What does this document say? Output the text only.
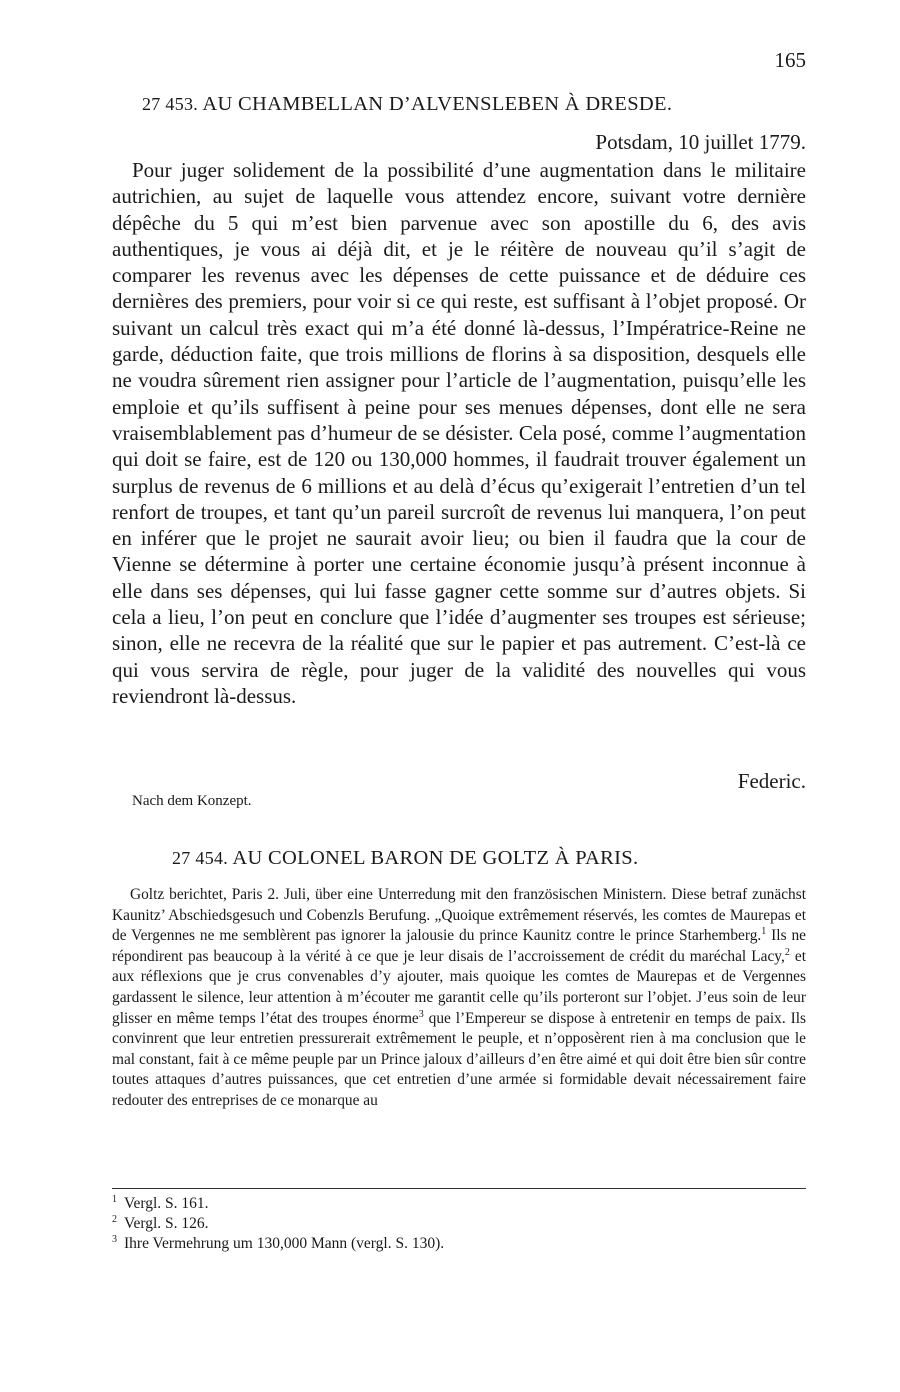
165
27 453. AU CHAMBELLAN D’ALVENSLEBEN À DRESDE.
Potsdam, 10 juillet 1779.

Pour juger solidement de la possibilité d’une augmentation dans le militaire autrichien, au sujet de laquelle vous attendez encore, suivant votre dernière dépêche du 5 qui m’est bien parvenue avec son apostille du 6, des avis authentiques, je vous ai déjà dit, et je le réitère de nouveau qu’il s’agit de comparer les revenus avec les dépenses de cette puissance et de déduire ces dernières des premiers, pour voir si ce qui reste, est suffisant à l’objet proposé. Or suivant un calcul très exact qui m’a été donné là-dessus, l’Impératrice-Reine ne garde, déduction faite, que trois millions de florins à sa disposition, desquels elle ne voudra sûrement rien assigner pour l’article de l’augmentation, puisqu’elle les emploie et qu’ils suffisent à peine pour ses menues dépenses, dont elle ne sera vraisemblablement pas d’humeur de se désister. Cela posé, comme l’augmentation qui doit se faire, est de 120 ou 130,000 hommes, il faudrait trouver également un surplus de revenus de 6 millions et au delà d’écus qu’exigerait l’entretien d’un tel renfort de troupes, et tant qu’un pareil surcroît de revenus lui manquera, l’on peut en inférer que le projet ne saurait avoir lieu; ou bien il faudra que la cour de Vienne se détermine à porter une certaine économie jusqu’à présent inconnue à elle dans ses dépenses, qui lui fasse gagner cette somme sur d’autres objets. Si cela a lieu, l’on peut en conclure que l’idée d’augmenter ses troupes est sérieuse; sinon, elle ne recevra de la réalité que sur le papier et pas autrement. C’est-là ce qui vous servira de règle, pour juger de la validité des nouvelles qui vous reviendront là-dessus.

Federic.
Nach dem Konzept.
27 454. AU COLONEL BARON DE GOLTZ À PARIS.

Goltz berichtet, Paris 2. Juli, über eine Unterredung mit den französischen Ministern. Diese betraf zunächst Kaunitz’ Abschiedsgesuch und Cobenzls Berufung. „Quoique extrêmement réservés, les comtes de Maurepas et de Vergennes ne me semblèrent pas ignorer la jalousie du prince Kaunitz contre le prince Starhemberg.$^1$ Ils ne répondirent pas beaucoup à la vérité à ce que je leur disais de l’accroissement de crédit du maréchal Lacy,$^2$ et aux réflexions que je crus convenables d’y ajouter, mais quoique les comtes de Maurepas et de Vergennes gardassent le silence, leur attention à m’écouter me garantit celle qu’ils porteront sur l’objet. J’eus soin de leur glisser en même temps l’état des troupes énorme$^3$ que l’Empereur se dispose à entretenir en temps de paix. Ils convinrent que leur entretien pressurerait extrêmement le peuple, et n’opposèrent rien à ma conclusion que le mal constant, fait à ce même peuple par un Prince jaloux d’ailleurs d’en être aimé et qui doit être bien sûr contre toutes attaques d’autres puissances, que cet entretien d’une armée si formidable devait nécessairement faire redouter des entreprises de ce monarque au

1 Vergl. S. 161.
2 Vergl. S. 126.
3 Ihre Vermehrung um 130,000 Mann (vergl. S. 130).
